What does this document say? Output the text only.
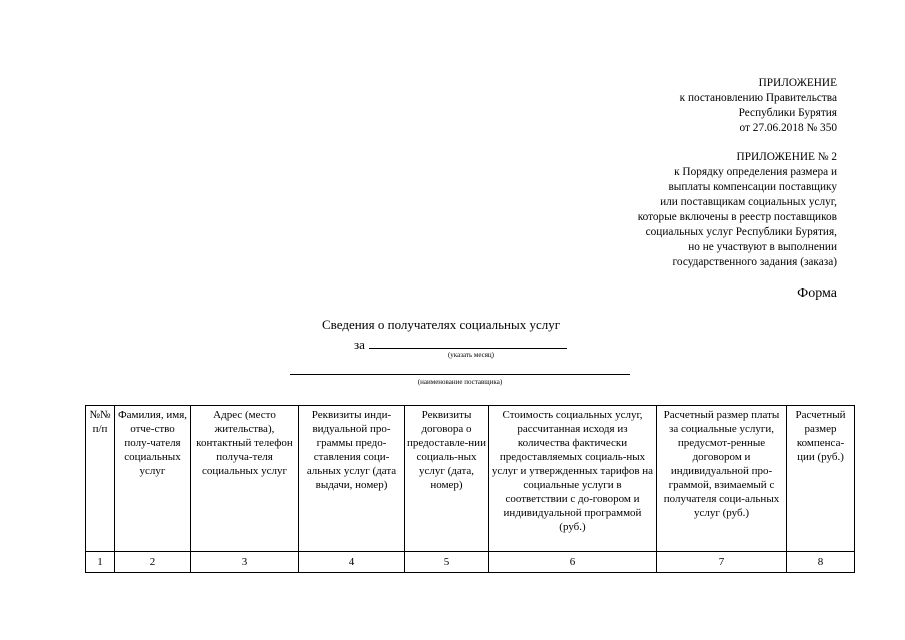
ПРИЛОЖЕНИЕ
к постановлению Правительства
Республики Бурятия
от 27.06.2018 № 350
ПРИЛОЖЕНИЕ № 2
к Порядку определения размера и
выплаты компенсации поставщику
или поставщикам социальных услуг,
которые включены в реестр поставщиков
социальных услуг Республики Бурятия,
но не участвуют в выполнении
государственного задания (заказа)
Форма
Сведения о получателях социальных услуг
за
(указать месяц)
(наименование поставщика)
№№ п/п	Фамилия, имя, отче-ство полу-чателя социальных услуг	Адрес (место жительства), контактный телефон получа-теля социальных услуг	Реквизиты инди-видуальной про-граммы предо-ставления соци-альных услуг (дата выдачи, номер)	Реквизиты договора о предоставле-нии социаль-ных услуг (дата, номер)	Стоимость социальных услуг, рассчитанная исходя из количества фактически предоставляемых социаль-ных услуг и утвержденных тарифов на социальные услуги в соответствии с до-говором и индивидуальной программой (руб.)	Расчетный размер платы за социальные услуги, предусмот-ренные договором и индивидуальной про-граммой, взимаемый с получателя соци-альных услуг (руб.)	Расчетный размер компенса-ции (руб.)
1	2	3	4	5	6	7	8
